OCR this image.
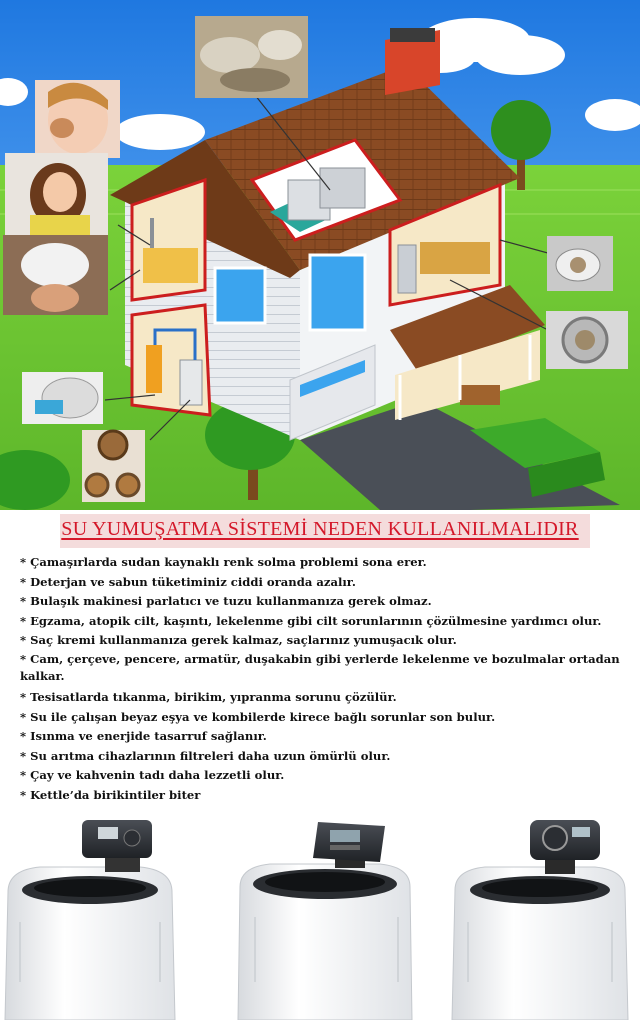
SU YUMUŞATMA SİSTEMİ NEDEN KULLANILMALIDIR
* Çamaşırlarda sudan kaynaklı renk solma problemi sona erer.
* Deterjan ve sabun tüketiminiz ciddi oranda azalır.
* Bulaşık makinesi parlatıcı ve tuzu kullanmanıza gerek olmaz.
* Egzama, atopik cilt, kaşıntı, lekelenme gibi cilt sorunlarının çözülmesine yardımcı olur.
* Saç kremi kullanmanıza gerek kalmaz, saçlarınız yumuşacık olur.
* Cam, çerçeve, pencere, armatür, duşakabin gibi yerlerde lekelenme ve bozulmalar ortadan kalkar.
* Tesisatlarda tıkanma, birikim, yıpranma sorunu çözülür.
* Su ile çalışan beyaz eşya ve kombilerde kirece bağlı sorunlar son bulur.
* Isınma ve enerjide tasarruf sağlanır.
* Su arıtma cihazlarının filtreleri daha uzun ömürlü olur.
* Çay ve kahvenin tadı daha lezzetli olur.
* Kettle’da birikintiler biter
